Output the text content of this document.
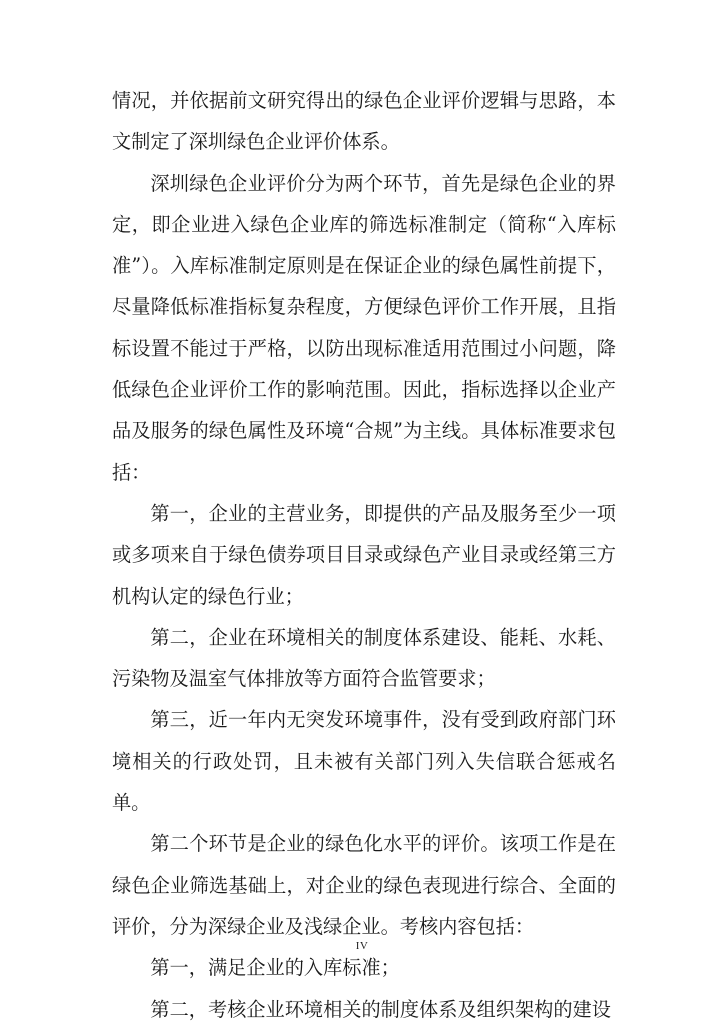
情况，并依据前文研究得出的绿色企业评价逻辑与思路，本文制定了深圳绿色企业评价体系。

深圳绿色企业评价分为两个环节，首先是绿色企业的界定，即企业进入绿色企业库的筛选标准制定（简称“入库标准”）。入库标准制定原则是在保证企业的绿色属性前提下，尽量降低标准指标复杂程度，方便绿色评价工作开展，且指标设置不能过于严格，以防出现标准适用范围过小问题，降低绿色企业评价工作的影响范围。因此，指标选择以企业产品及服务的绿色属性及环境“合规”为主线。具体标准要求包括：

第一，企业的主营业务，即提供的产品及服务至少一项或多项来自于绿色债券项目目录或绿色产业目录或经第三方机构认定的绿色行业；

第二，企业在环境相关的制度体系建设、能耗、水耗、污染物及温室气体排放等方面符合监管要求；

第三，近一年内无突发环境事件，没有受到政府部门环境相关的行政处罚，且未被有关部门列入失信联合惩戒名单。

第二个环节是企业的绿色化水平的评价。该项工作是在绿色企业筛选基础上，对企业的绿色表现进行综合、全面的评价，分为深绿企业及浅绿企业。考核内容包括：

第一，满足企业的入库标准；

第二，考核企业环境相关的制度体系及组织架构的建设

IV
